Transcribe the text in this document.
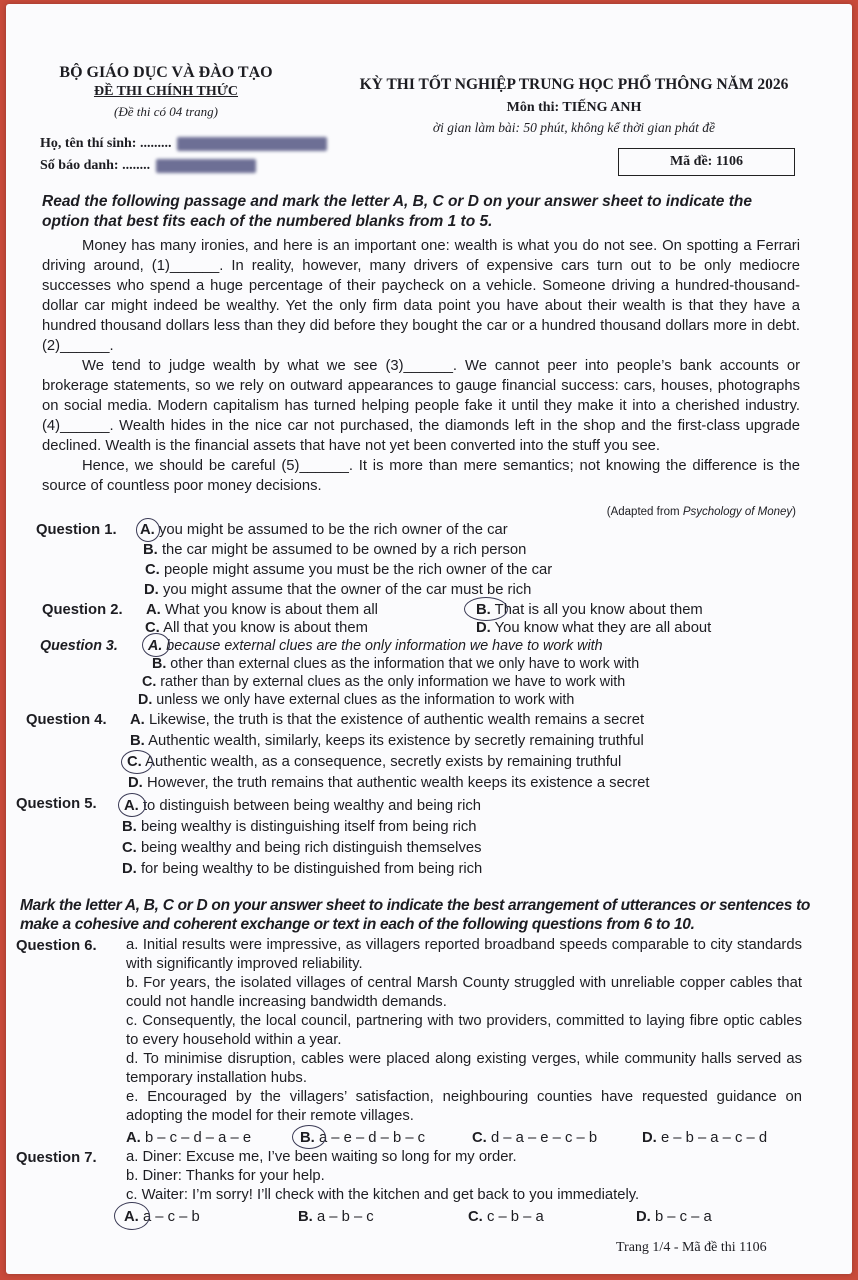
BỘ GIÁO DỤC VÀ ĐÀO TẠO
ĐỀ THI CHÍNH THỨC
(Đề thi có 04 trang)
KỲ THI TỐT NGHIỆP TRUNG HỌC PHỔ THÔNG NĂM 2026
Môn thi: TIẾNG ANH
ời gian làm bài: 50 phút, không kể thời gian phát đề
Họ, tên thí sinh: .........
Số báo danh: ........	Mã đề: 1106
Read the following passage and mark the letter A, B, C or D on your answer sheet to indicate the option that best fits each of the numbered blanks from 1 to 5.

Money has many ironies, and here is an important one: wealth is what you do not see. On spotting a Ferrari driving around, (1)______. In reality, however, many drivers of expensive cars turn out to be only mediocre successes who spend a huge percentage of their paycheck on a vehicle. Someone driving a hundred-thousand-dollar car might indeed be wealthy. Yet the only firm data point you have about their wealth is that they have a hundred thousand dollars less than they did before they bought the car or a hundred thousand dollars more in debt. (2)______.

We tend to judge wealth by what we see (3)______. We cannot peer into people’s bank accounts or brokerage statements, so we rely on outward appearances to gauge financial success: cars, houses, photographs on social media. Modern capitalism has turned helping people fake it until they make it into a cherished industry. (4)______. Wealth hides in the nice car not purchased, the diamonds left in the shop and the first-class upgrade declined. Wealth is the financial assets that have not yet been converted into the stuff you see.

Hence, we should be careful (5)______. It is more than mere semantics; not knowing the difference is the source of countless poor money decisions.

(Adapted from Psychology of Money)
Question 1. A. you might be assumed to be the rich owner of the car
B. the car might be assumed to be owned by a rich person
C. people might assume you must be the rich owner of the car
D. you might assume that the owner of the car must be rich
Question 2. A. What you know is about them all	B. That is all you know about them
C. All that you know is about them	D. You know what they are all about
Question 3. A. because external clues are the only information we have to work with
B. other than external clues as the information that we only have to work with
C. rather than by external clues as the only information we have to work with
D. unless we only have external clues as the information to work with
Question 4. A. Likewise, the truth is that the existence of authentic wealth remains a secret
B. Authentic wealth, similarly, keeps its existence by secretly remaining truthful
C. Authentic wealth, as a consequence, secretly exists by remaining truthful
D. However, the truth remains that authentic wealth keeps its existence a secret
Question 5. A. to distinguish between being wealthy and being rich
B. being wealthy is distinguishing itself from being rich
C. being wealthy and being rich distinguish themselves
D. for being wealthy to be distinguished from being rich
Mark the letter A, B, C or D on your answer sheet to indicate the best arrangement of utterances or sentences to make a cohesive and coherent exchange or text in each of the following questions from 6 to 10.
Question 6. a. Initial results were impressive, as villagers reported broadband speeds comparable to city standards with significantly improved reliability.

b. For years, the isolated villages of central Marsh County struggled with unreliable copper cables that could not handle increasing bandwidth demands.

c. Consequently, the local council, partnering with two providers, committed to laying fibre optic cables to every household within a year.

d. To minimise disruption, cables were placed along existing verges, while community halls served as temporary installation hubs.

e. Encouraged by the villagers’ satisfaction, neighbouring counties have requested guidance on adopting the model for their remote villages.

A. b – c – d – a – e	B. a – e – d – b – c	C. d – a – e – c – b	D. e – b – a – c – d
Question 7. a. Diner: Excuse me, I’ve been waiting so long for my order.

b. Diner: Thanks for your help.

c. Waiter: I’m sorry! I’ll check with the kitchen and get back to you immediately.

A. a – c – b	B. a – b – c	C. c – b – a	D. b – c – a
Trang 1/4 - Mã đề thi 1106
